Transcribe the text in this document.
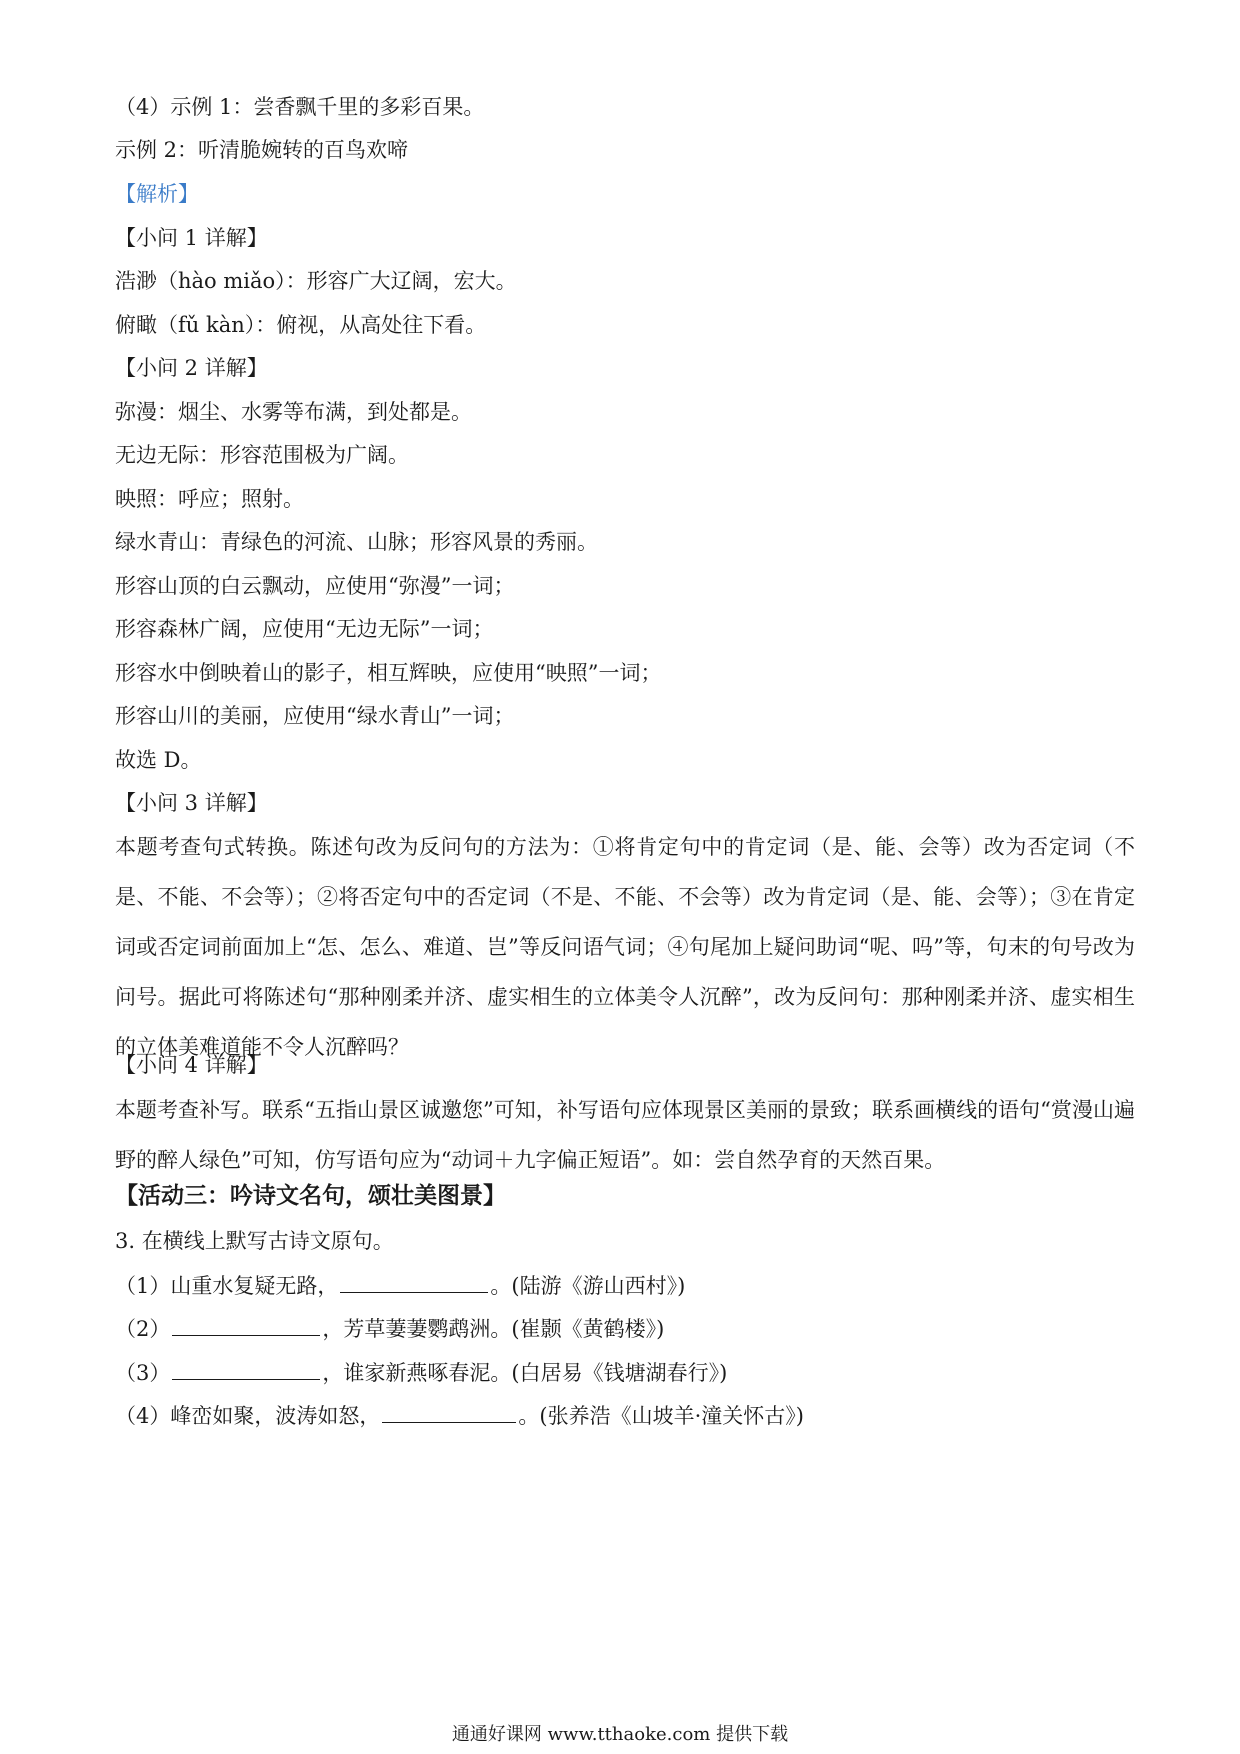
（4）示例 1：尝香飘千里的多彩百果。
示例 2：听清脆婉转的百鸟欢啼
【解析】
【小问 1 详解】
浩渺（hào miǎo）：形容广大辽阔，宏大。
俯瞰（fǔ kàn）：俯视，从高处往下看。
【小问 2 详解】
弥漫：烟尘、水雾等布满，到处都是。
无边无际：形容范围极为广阔。
映照：呼应；照射。
绿水青山：青绿色的河流、山脉；形容风景的秀丽。
形容山顶的白云飘动，应使用“弥漫”一词；
形容森林广阔，应使用“无边无际”一词；
形容水中倒映着山的影子，相互辉映，应使用“映照”一词；
形容山川的美丽，应使用“绿水青山”一词；
故选 D。
【小问 3 详解】
本题考查句式转换。陈述句改为反问句的方法为：①将肯定句中的肯定词（是、能、会等）改为否定词（不是、不能、不会等）；②将否定句中的否定词（不是、不能、不会等）改为肯定词（是、能、会等）；③在肯定词或否定词前面加上“怎、怎么、难道、岂”等反问语气词；④句尾加上疑问助词“呢、吗”等，句末的句号改为问号。据此可将陈述句“那种刚柔并济、虚实相生的立体美令人沉醉”，改为反问句：那种刚柔并济、虚实相生的立体美难道能不令人沉醉吗？
【小问 4 详解】
本题考查补写。联系“五指山景区诚邀您”可知，补写语句应体现景区美丽的景致；联系画横线的语句“赏漫山遍野的醉人绿色”可知，仿写语句应为“动词＋九字偏正短语”。如：尝自然孕育的天然百果。
【活动三：吟诗文名句，颂壮美图景】
3. 在横线上默写古诗文原句。
（1）山重水复疑无路，	。(陆游《游山西村》)
（2）	，芳草萋萋鹦鹉洲。(崔颢《黄鹤楼》)
（3）	，谁家新燕啄春泥。(白居易《钱塘湖春行》)
（4）峰峦如聚，波涛如怒，	。(张养浩《山坡羊·潼关怀古》)
通通好课网 www.tthaoke.com 提供下载
